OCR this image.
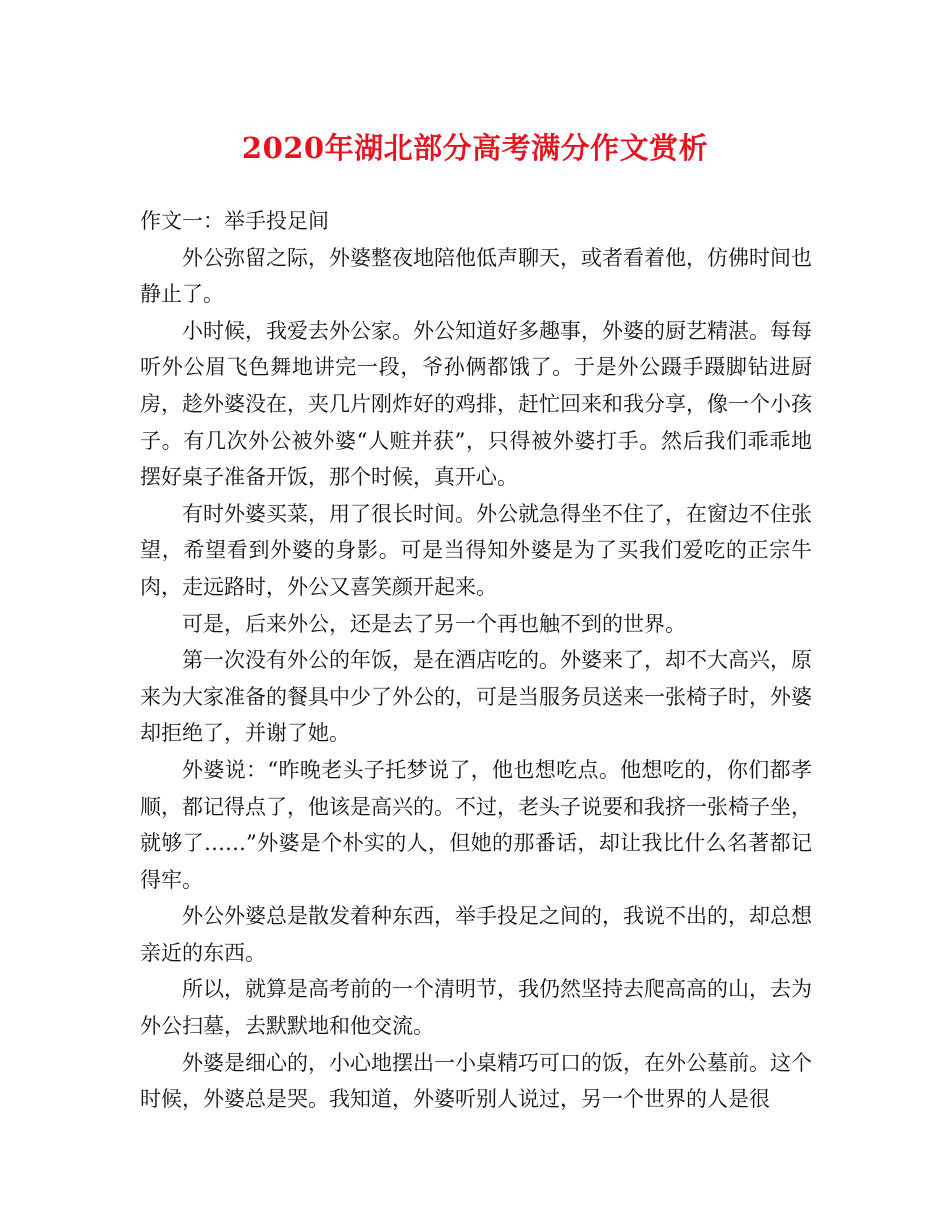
2020年湖北部分高考满分作文赏析

作文一：举手投足间

外公弥留之际，外婆整夜地陪他低声聊天，或者看着他，仿佛时间也静止了。

小时候，我爱去外公家。外公知道好多趣事，外婆的厨艺精湛。每每听外公眉飞色舞地讲完一段，爷孙俩都饿了。于是外公蹑手蹑脚钻进厨房，趁外婆没在，夹几片刚炸好的鸡排，赶忙回来和我分享，像一个小孩子。有几次外公被外婆“人赃并获”，只得被外婆打手。然后我们乖乖地摆好桌子准备开饭，那个时候，真开心。

有时外婆买菜，用了很长时间。外公就急得坐不住了，在窗边不住张望，希望看到外婆的身影。可是当得知外婆是为了买我们爱吃的正宗牛肉，走远路时，外公又喜笑颜开起来。

可是，后来外公，还是去了另一个再也触不到的世界。

第一次没有外公的年饭，是在酒店吃的。外婆来了，却不大高兴，原来为大家准备的餐具中少了外公的，可是当服务员送来一张椅子时，外婆却拒绝了，并谢了她。

外婆说：“昨晚老头子托梦说了，他也想吃点。他想吃的，你们都孝顺，都记得点了，他该是高兴的。不过，老头子说要和我挤一张椅子坐，就够了……”外婆是个朴实的人，但她的那番话，却让我比什么名著都记得牢。

外公外婆总是散发着种东西，举手投足之间的，我说不出的，却总想亲近的东西。

所以，就算是高考前的一个清明节，我仍然坚持去爬高高的山，去为外公扫墓，去默默地和他交流。

外婆是细心的，小心地摆出一小桌精巧可口的饭，在外公墓前。这个时候，外婆总是哭。我知道，外婆听别人说过，另一个世界的人是很
